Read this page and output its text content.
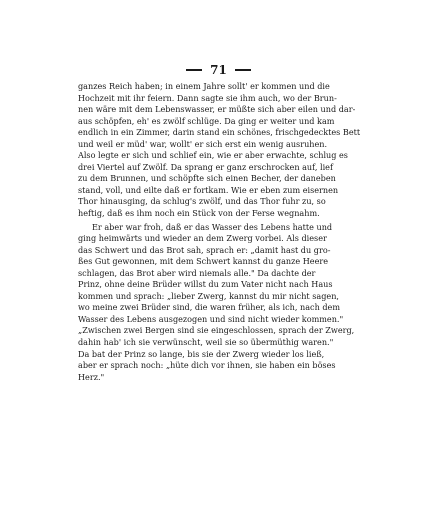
71

ganzes Reich haben; in einem Jahre sollt' er kommen und die

Hochzeit mit ihr feiern. Dann sagte sie ihm auch, wo der Brun-

nen wäre mit dem Lebenswasser, er müßte sich aber eilen und dar-

aus schöpfen, eh' es zwölf schlüge. Da ging er weiter und kam

endlich in ein Zimmer, darin stand ein schönes, frischgedecktes Bett

und weil er müd' war, wollt' er sich erst ein wenig ausruhen.

Also legte er sich und schlief ein, wie er aber erwachte, schlug es

drei Viertel auf Zwölf. Da sprang er ganz erschrocken auf, lief

zu dem Brunnen, und schöpfte sich einen Becher, der daneben

stand, voll, und eilte daß er fortkam. Wie er eben zum eisernen

Thor hinausging, da schlug's zwölf, und das Thor fuhr zu, so

heftig, daß es ihm noch ein Stück von der Ferse wegnahm.

Er aber war froh, daß er das Wasser des Lebens hatte und

ging heimwärts und wieder an dem Zwerg vorbei. Als dieser

das Schwert und das Brot sah, sprach er: „damit hast du gro-

ßes Gut gewonnen, mit dem Schwert kannst du ganze Heere

schlagen, das Brot aber wird niemals alle." Da dachte der

Prinz, ohne deine Brüder willst du zum Vater nicht nach Haus

kommen und sprach: „lieber Zwerg, kannst du mir nicht sagen,

wo meine zwei Brüder sind, die waren früher, als ich, nach dem

Wasser des Lebens ausgezogen und sind nicht wieder kommen."

„Zwischen zwei Bergen sind sie eingeschlossen, sprach der Zwerg,

dahin hab' ich sie verwünscht, weil sie so übermüthig waren."

Da bat der Prinz so lange, bis sie der Zwerg wieder los ließ,

aber er sprach noch: „hüte dich vor ihnen, sie haben ein böses

Herz."
